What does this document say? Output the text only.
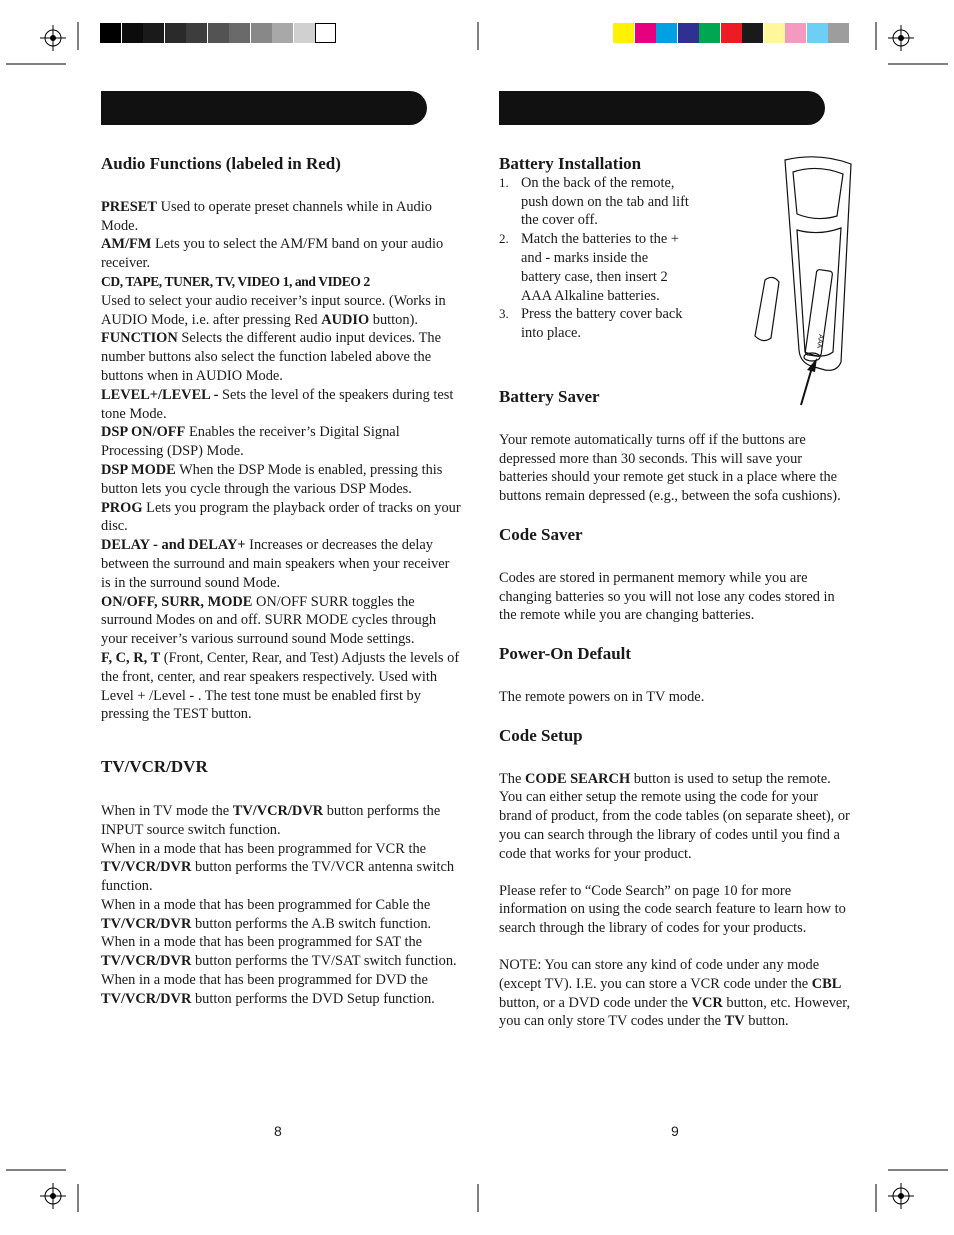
Audio Functions (labeled in Red)

PRESET Used to operate preset channels while in Audio Mode.

AM/FM Lets you to select the AM/FM band on your audio receiver.

CD, TAPE, TUNER, TV, VIDEO 1, and VIDEO 2

Used to select your audio receiver’s input source. (Works in AUDIO Mode, i.e. after pressing Red AUDIO button).

FUNCTION Selects the different audio input devices. The number buttons also select the function labeled above the buttons when in AUDIO Mode.

LEVEL+/LEVEL - Sets the level of the speakers during test tone Mode.

DSP ON/OFF Enables the receiver’s Digital Signal Processing (DSP) Mode.

DSP MODE When the DSP Mode is enabled, pressing this button lets you cycle through the various DSP Modes.

PROG Lets you program the playback order of tracks on your disc.

DELAY - and DELAY+ Increases or decreases the delay between the surround and main speakers when your receiver is in the surround sound Mode.

ON/OFF, SURR, MODE ON/OFF SURR toggles the surround Modes on and off. SURR MODE cycles through your receiver’s various surround sound Mode settings.

F, C, R, T (Front, Center, Rear, and Test) Adjusts the levels of the front, center, and rear speakers respectively. Used with Level + /Level - . The test tone must be enabled first by pressing the TEST button.

TV/VCR/DVR

When in TV mode the TV/VCR/DVR button performs the INPUT source switch function.

When in a mode that has been programmed for VCR the TV/VCR/DVR button performs the TV/VCR antenna switch function.

When in a mode that has been programmed for Cable the TV/VCR/DVR button performs the A.B switch function.

When in a mode that has been programmed for SAT the TV/VCR/DVR button performs the TV/SAT switch function.

When in a mode that has been programmed for DVD the TV/VCR/DVR button performs the DVD Setup function.

8

Battery Installation

1. On the back of the remote, push down on the tab and lift the cover off.
2. Match the batteries to the + and - marks inside the battery case, then insert 2 AAA Alkaline batteries.
3. Press the battery cover back into place.	AAA

Battery Saver

Your remote automatically turns off if the buttons are depressed more than 30 seconds. This will save your batteries should your remote get stuck in a place where the buttons remain depressed (e.g., between the sofa cushions).

Code Saver

Codes are stored in permanent memory while you are changing batteries so you will not lose any codes stored in the remote while you are changing batteries.

Power-On Default

The remote powers on in TV mode.

Code Setup

The CODE SEARCH button is used to setup the remote. You can either setup the remote using the code for your brand of product, from the code tables (on separate sheet), or you can search through the library of codes until you find a code that works for your product.

Please refer to “Code Search” on page 10 for more information on using the code search feature to learn how to search through the library of codes for your products.

NOTE: You can store any kind of code under any mode (except TV). I.E. you can store a VCR code under the CBL button, or a DVD code under the VCR button, etc. However, you can only store TV codes under the TV button.

9
